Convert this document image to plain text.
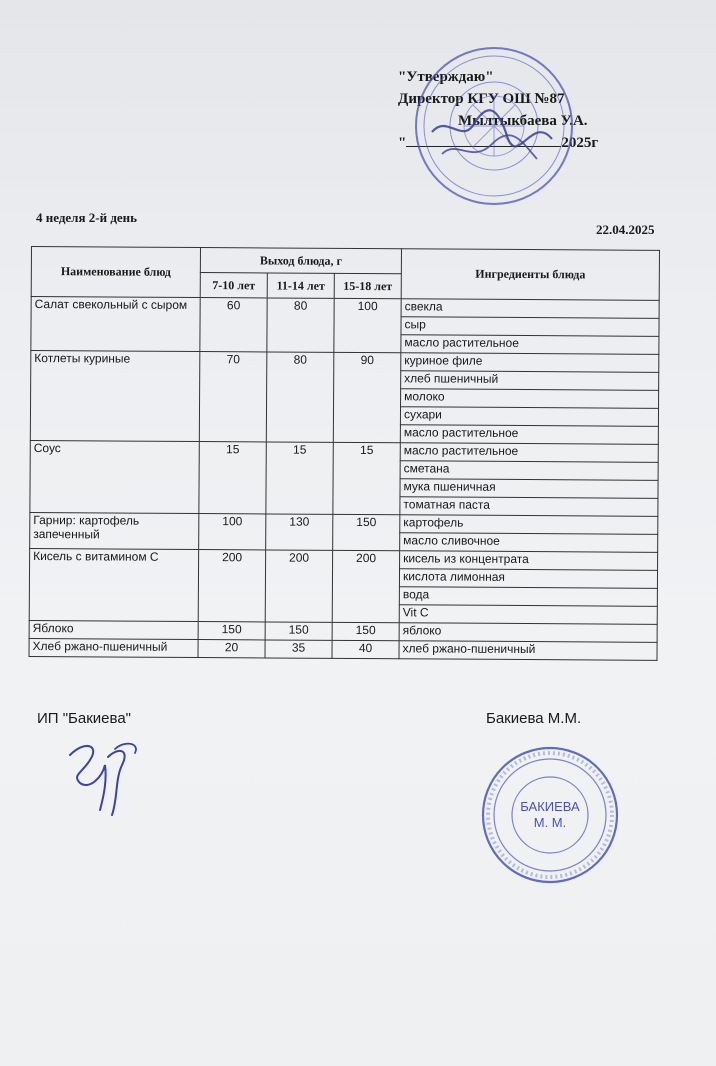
"Утверждаю"
Директор КГУ ОШ №87
Мылтыкбаева У.А.
"	2025г
4 неделя 2-й день
22.04.2025
Наименование блюд	Выход блюда, г			Ингредиенты блюда
	7-10 лет	11-14 лет	15-18 лет	
Салат свекольный с сыром	60	80	100	свекла
				сыр
				масло растительное
Котлеты куриные	70	80	90	куриное филе
				хлеб пшеничный
				молоко
				сухари
				масло растительное
Соус	15	15	15	масло растительное
				сметана
				мука пшеничная
				томатная паста
Гарнир: картофель запеченный	100	130	150	картофель
				масло сливочное
Кисель с витамином С	200	200	200	кисель из концентрата
				кислота лимонная
				вода
				Vit C
Яблоко	150	150	150	яблоко
Хлеб ржано-пшеничный	20	35	40	хлеб ржано-пшеничный
ИП "Бакиева"	Бакиева М.М.
БАКИЕВА
М. М.
